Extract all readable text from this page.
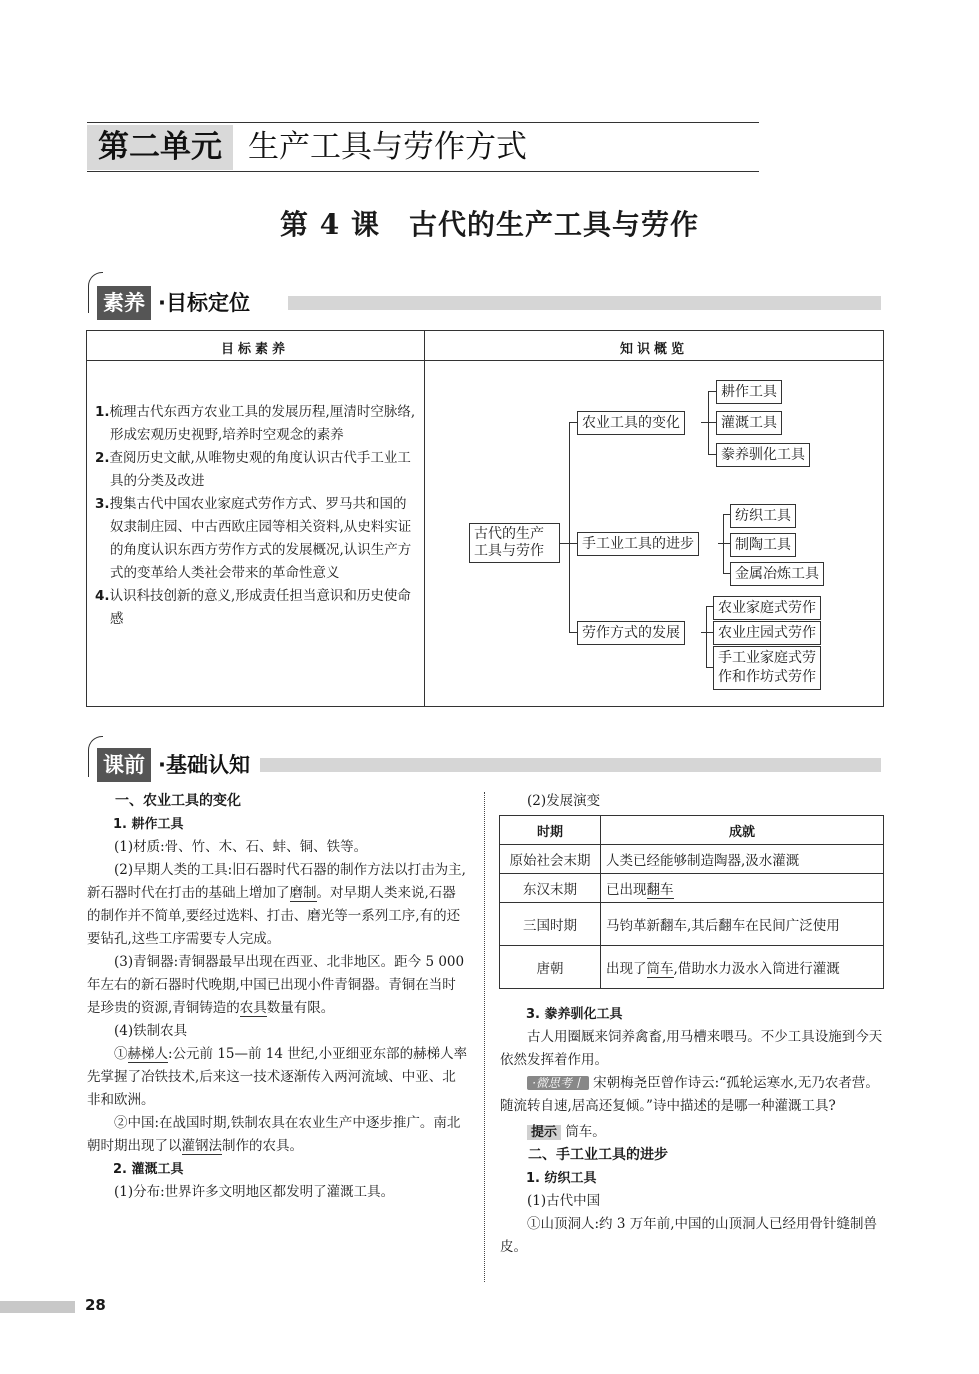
第二单元 生产工具与劳作方式
第 4 课　古代的生产工具与劳作
素养 ·目标定位
目标素养	知识概览
1.梳理古代东西方农业工具的发展历程,厘清时空脉络,形成宏观历史视野,培养时空观念的素养
2.查阅历史文献,从唯物史观的角度认识古代手工业工具的分类及改进
3.搜集古代中国农业家庭式劳作方式、罗马共和国的奴隶制庄园、中古西欧庄园等相关资料,从史料实证的角度认识东西方劳作方式的发展概况,认识生产方式的变革给人类社会带来的革命性意义
4.认识科技创新的意义,形成责任担当意识和历史使命感
古代的生产
工具与劳作
农业工具的变化
耕作工具
灌溉工具
豢养驯化工具
手工业工具的进步
纺织工具
制陶工具
金属冶炼工具
劳作方式的发展
农业家庭式劳作
农业庄园式劳作
手工业家庭式劳
作和作坊式劳作
课前 ·基础认知

一、农业工具的变化

1. 耕作工具

(1)材质:骨、竹、木、石、蚌、铜、铁等。

(2)早期人类的工具:旧石器时代石器的制作方法以打击为主,新石器时代在打击的基础上增加了磨制。对早期人类来说,石器的制作并不简单,要经过选料、打击、磨光等一系列工序,有的还要钻孔,这些工序需要专人完成。

(3)青铜器:青铜器最早出现在西亚、北非地区。距今 5 000 年左右的新石器时代晚期,中国已出现小件青铜器。青铜在当时是珍贵的资源,青铜铸造的农具数量有限。

(4)铁制农具

①赫梯人:公元前 15—前 14 世纪,小亚细亚东部的赫梯人率先掌握了冶铁技术,后来这一技术逐渐传入两河流域、中亚、北非和欧洲。

②中国:在战国时期,铁制农具在农业生产中逐步推广。南北朝时期出现了以灌钢法制作的农具。

2. 灌溉工具

(1)分布:世界许多文明地区都发明了灌溉工具。

(2)发展演变

时期	成就
原始社会末期	人类已经能够制造陶器,汲水灌溉
东汉末期	已出现翻车
三国时期	马钧革新翻车,其后翻车在民间广泛使用
唐朝	出现了筒车,借助水力汲水入筒进行灌溉

3. 豢养驯化工具

古人用圈厩来饲养禽畜,用马槽来喂马。不少工具设施到今天依然发挥着作用。

·微思考丨 宋朝梅尧臣曾作诗云:“孤轮运寒水,无乃农者营。随流转自速,居高还复倾。”诗中描述的是哪一种灌溉工具?

提示 筒车。

二、手工业工具的进步

1. 纺织工具

(1)古代中国

①山顶洞人:约 3 万年前,中国的山顶洞人已经用骨针缝制兽皮。

28
